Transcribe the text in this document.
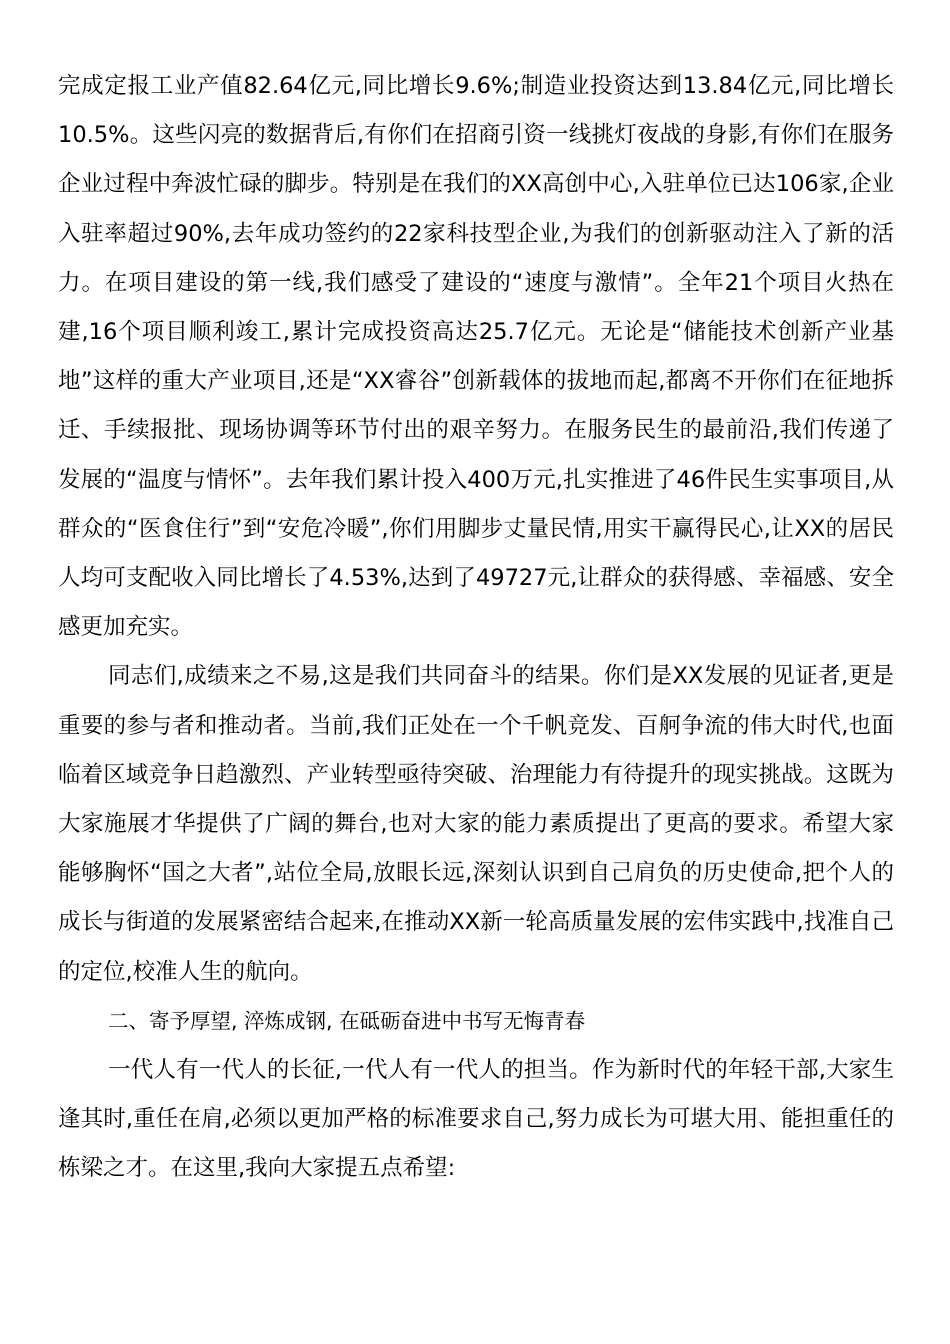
完成定报工业产值82.64亿元,同比增长9.6%;制造业投资达到13.84亿元,同比增长10.5%。这些闪亮的数据背后,有你们在招商引资一线挑灯夜战的身影,有你们在服务企业过程中奔波忙碌的脚步。特别是在我们的XX高创中心,入驻单位已达106家,企业入驻率超过90%,去年成功签约的22家科技型企业,为我们的创新驱动注入了新的活力。在项目建设的第一线,我们感受了建设的“速度与激情”。全年21个项目火热在建,16个项目顺利竣工,累计完成投资高达25.7亿元。无论是“储能技术创新产业基地”这样的重大产业项目,还是“XX睿谷”创新载体的拔地而起,都离不开你们在征地拆迁、手续报批、现场协调等环节付出的艰辛努力。在服务民生的最前沿,我们传递了发展的“温度与情怀”。去年我们累计投入400万元,扎实推进了46件民生实事项目,从群众的“医食住行”到“安危冷暖”,你们用脚步丈量民情,用实干赢得民心,让XX的居民人均可支配收入同比增长了4.53%,达到了49727元,让群众的获得感、幸福感、安全感更加充实。

同志们,成绩来之不易,这是我们共同奋斗的结果。你们是XX发展的见证者,更是重要的参与者和推动者。当前,我们正处在一个千帆竞发、百舸争流的伟大时代,也面临着区域竞争日趋激烈、产业转型亟待突破、治理能力有待提升的现实挑战。这既为大家施展才华提供了广阔的舞台,也对大家的能力素质提出了更高的要求。希望大家能够胸怀“国之大者”,站位全局,放眼长远,深刻认识到自己肩负的历史使命,把个人的成长与街道的发展紧密结合起来,在推动XX新一轮高质量发展的宏伟实践中,找准自己的定位,校准人生的航向。

二、寄予厚望, 淬炼成钢, 在砥砺奋进中书写无悔青春

一代人有一代人的长征,一代人有一代人的担当。作为新时代的年轻干部,大家生逢其时,重任在肩,必须以更加严格的标准要求自己,努力成长为可堪大用、能担重任的栋梁之才。在这里,我向大家提五点希望:
